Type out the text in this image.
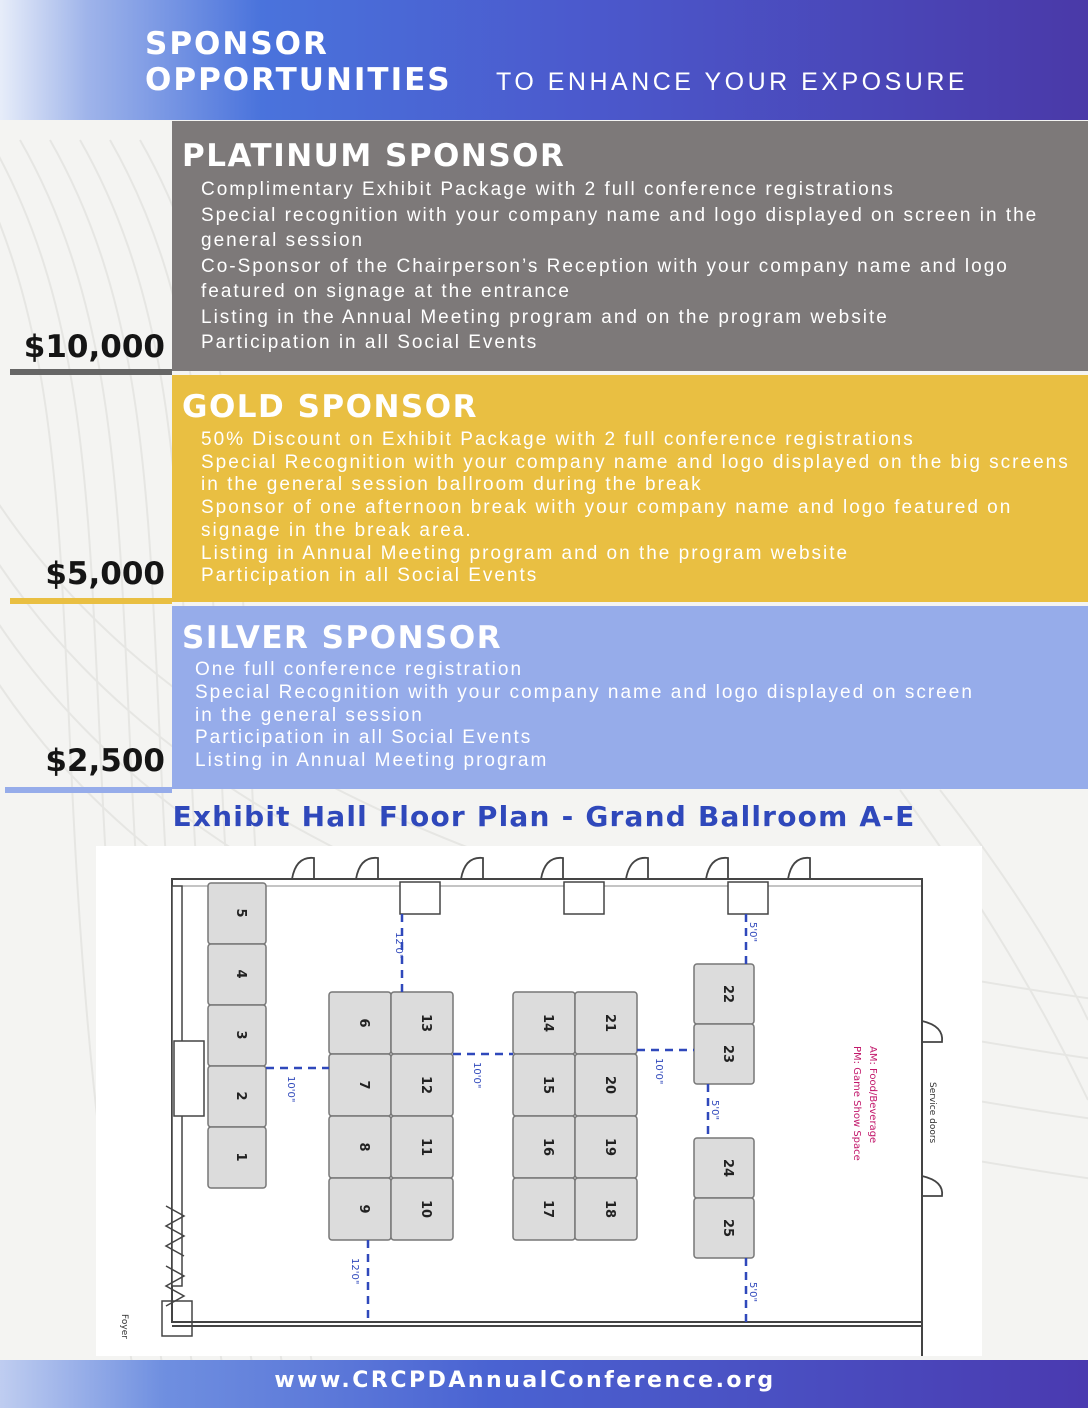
SPONSOR
OPPORTUNITIES TO ENHANCE YOUR EXPOSURE
PLATINUM SPONSOR
Complimentary Exhibit Package with 2 full conference registrations
Special recognition with your company name and logo displayed on screen in the general session
Co-Sponsor of the Chairperson’s Reception with your company name and logo featured on signage at the entrance
Listing in the Annual Meeting program and on the program website
Participation in all Social Events

$10,000

GOLD SPONSOR
50% Discount on Exhibit Package with 2 full conference registrations
Special Recognition with your company name and logo displayed on the big screens in the general session ballroom during the break
Sponsor of one afternoon break with your company name and logo featured on signage in the break area.
Listing in Annual Meeting program and on the program website
Participation in all Social Events

$5,000

SILVER SPONSOR
One full conference registration
Special Recognition with your company name and logo displayed on screen in the general session
Participation in all Social Events
Listing in Annual Meeting program

$2,500

Exhibit Hall Floor Plan - Grand Ballroom A-E
5
4
3
2
1
6
7
8
9
13
12
11
10
14
15
16
17
21
20
19
18
22
23
24
25
12'0"
10'0"
10'0"	10'0"
12'0"
5'0"
5'0"
5'0"
AM: Food/Beverage
PM: Game Show Space	Service doors
Foyer

www.CRCPDAnnualConference.org
